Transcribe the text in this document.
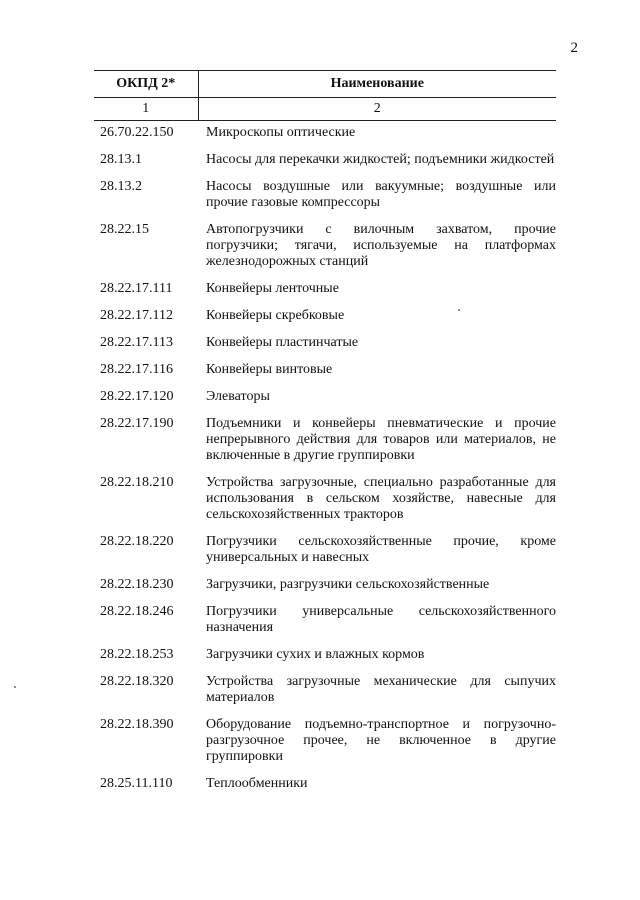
2
ОКПД 2*	Наименование
1	2
26.70.22.150	Микроскопы оптические
28.13.1	Насосы для перекачки жидкостей; подъемники жидкостей
28.13.2	Насосы воздушные или вакуумные; воздушные или прочие газовые компрессоры
28.22.15	Автопогрузчики с вилочным захватом, прочие погрузчики; тягачи, используемые на платформах железнодорожных станций
28.22.17.111	Конвейеры ленточные
28.22.17.112	Конвейеры скребковые
28.22.17.113	Конвейеры пластинчатые
28.22.17.116	Конвейеры винтовые
28.22.17.120	Элеваторы
28.22.17.190	Подъемники и конвейеры пневматические и прочие непрерывного действия для товаров или материалов, не включенные в другие группировки
28.22.18.210	Устройства загрузочные, специально разработанные для использования в сельском хозяйстве, навесные для сельскохозяйственных тракторов
28.22.18.220	Погрузчики сельскохозяйственные прочие, кроме универсальных и навесных
28.22.18.230	Загрузчики, разгрузчики сельскохозяйственные
28.22.18.246	Погрузчики универсальные сельскохозяйственного назначения
28.22.18.253	Загрузчики сухих и влажных кормов
28.22.18.320	Устройства загрузочные механические для сыпучих материалов
28.22.18.390	Оборудование подъемно-транспортное и погрузочно-разгрузочное прочее, не включенное в другие группировки
28.25.11.110	Теплообменники
